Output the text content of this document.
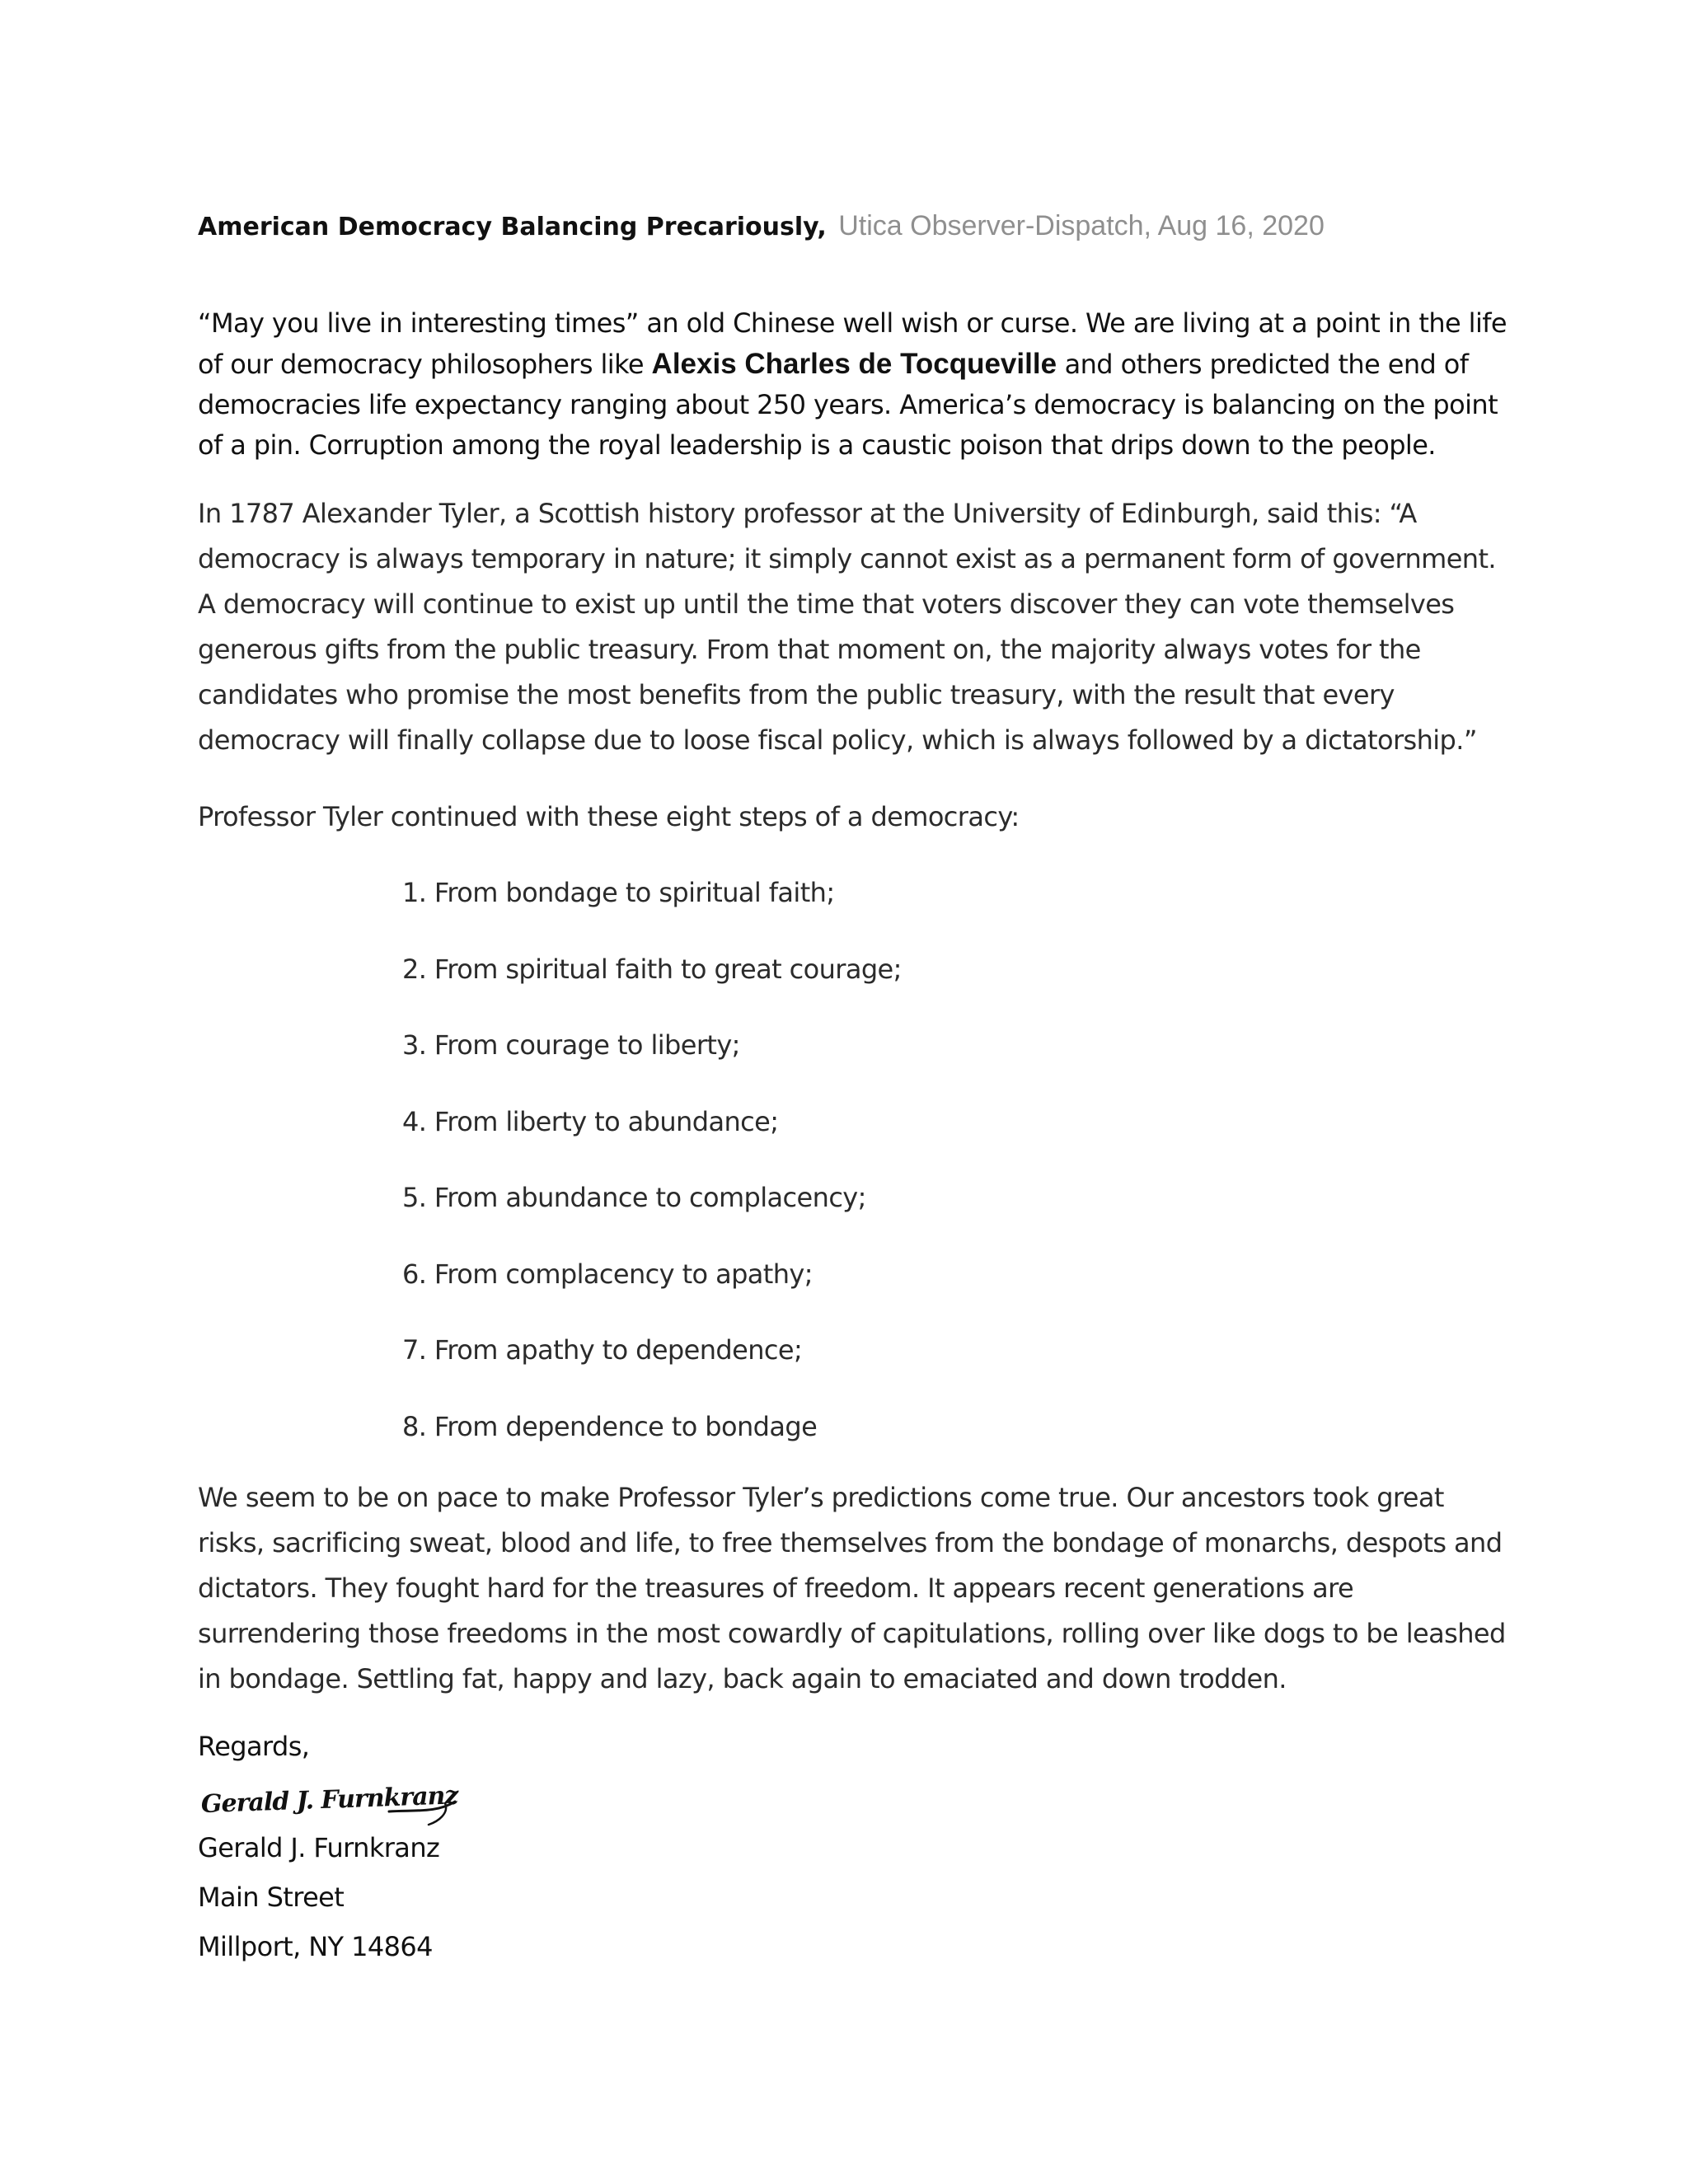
American Democracy Balancing Precariously, Utica Observer-Dispatch, Aug 16, 2020

“May you live in interesting times” an old Chinese well wish or curse. We are living at a point in the life of our democracy philosophers like Alexis Charles de Tocqueville and others predicted the end of democracies life expectancy ranging about 250 years. America’s democracy is balancing on the point of a pin. Corruption among the royal leadership is a caustic poison that drips down to the people.

In 1787 Alexander Tyler, a Scottish history professor at the University of Edinburgh, said this: “A democracy is always temporary in nature; it simply cannot exist as a permanent form of government. A democracy will continue to exist up until the time that voters discover they can vote themselves generous gifts from the public treasury. From that moment on, the majority always votes for the candidates who promise the most benefits from the public treasury, with the result that every democracy will finally collapse due to loose fiscal policy, which is always followed by a dictatorship.”

Professor Tyler continued with these eight steps of a democracy:

1. From bondage to spiritual faith;
2. From spiritual faith to great courage;
3. From courage to liberty;
4. From liberty to abundance;
5. From abundance to complacency;
6. From complacency to apathy;
7. From apathy to dependence;
8. From dependence to bondage

We seem to be on pace to make Professor Tyler’s predictions come true. Our ancestors took great risks, sacrificing sweat, blood and life, to free themselves from the bondage of monarchs, despots and dictators. They fought hard for the treasures of freedom. It appears recent generations are surrendering those freedoms in the most cowardly of capitulations, rolling over like dogs to be leashed in bondage. Settling fat, happy and lazy, back again to emaciated and down trodden.

Regards,
Gerald J. Furnkranz
Gerald J. Furnkranz
Main Street
Millport, NY 14864
